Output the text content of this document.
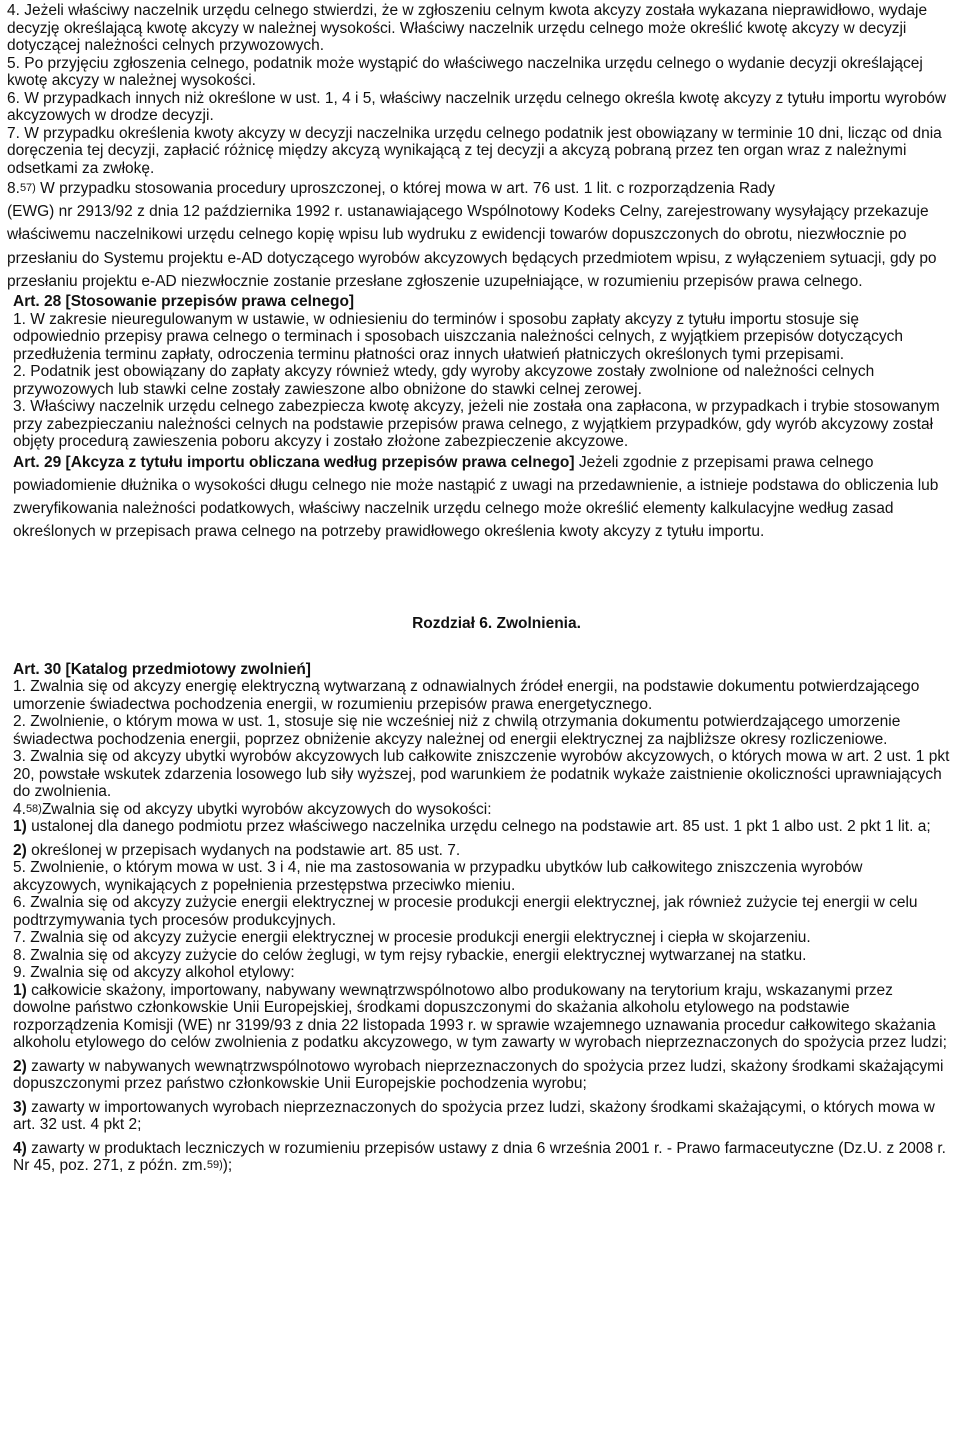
4. Jeżeli właściwy naczelnik urzędu celnego stwierdzi, że w zgłoszeniu celnym kwota akcyzy została wykazana nieprawidłowo, wydaje decyzję określającą kwotę akcyzy w należnej wysokości. Właściwy naczelnik urzędu celnego może określić kwotę akcyzy w decyzji dotyczącej należności celnych przywozowych.

5. Po przyjęciu zgłoszenia celnego, podatnik może wystąpić do właściwego naczelnika urzędu celnego o wydanie decyzji określającej kwotę akcyzy w należnej wysokości.

6. W przypadkach innych niż określone w ust. 1, 4 i 5, właściwy naczelnik urzędu celnego określa kwotę akcyzy z tytułu importu wyrobów akcyzowych w drodze decyzji.

7. W przypadku określenia kwoty akcyzy w decyzji naczelnika urzędu celnego podatnik jest obowiązany w terminie 10 dni, licząc od dnia doręczenia tej decyzji, zapłacić różnicę między akcyzą wynikającą z tej decyzji a akcyzą pobraną przez ten organ wraz z należnymi odsetkami za zwłokę.

8.$^{57)}$ W przypadku stosowania procedury uproszczonej, o której mowa w art. 76 ust. 1 lit. c rozporządzenia Rady
(EWG) nr 2913/92 z dnia 12 października 1992 r. ustanawiającego Wspólnotowy Kodeks Celny, zarejestrowany wysyłający przekazuje właściwemu naczelnikowi urzędu celnego kopię wpisu lub wydruku z ewidencji towarów dopuszczonych do obrotu, niezwłocznie po przesłaniu do Systemu projektu e-AD dotyczącego wyrobów akcyzowych będących przedmiotem wpisu, z wyłączeniem sytuacji, gdy po przesłaniu projektu e-AD niezwłocznie zostanie przesłane zgłoszenie uzupełniające, w rozumieniu przepisów prawa celnego.

Art. 28 [Stosowanie przepisów prawa celnego]

1. W zakresie nieuregulowanym w ustawie, w odniesieniu do terminów i sposobu zapłaty akcyzy z tytułu importu stosuje się odpowiednio przepisy prawa celnego o terminach i sposobach uiszczania należności celnych, z wyjątkiem przepisów dotyczących przedłużenia terminu zapłaty, odroczenia terminu płatności oraz innych ułatwień płatniczych określonych tymi przepisami.

2. Podatnik jest obowiązany do zapłaty akcyzy również wtedy, gdy wyroby akcyzowe zostały zwolnione od należności celnych przywozowych lub stawki celne zostały zawieszone albo obniżone do stawki celnej zerowej.

3. Właściwy naczelnik urzędu celnego zabezpiecza kwotę akcyzy, jeżeli nie została ona zapłacona, w przypadkach i trybie stosowanym przy zabezpieczaniu należności celnych na podstawie przepisów prawa celnego, z wyjątkiem przypadków, gdy wyrób akcyzowy został objęty procedurą zawieszenia poboru akcyzy i zostało złożone zabezpieczenie akcyzowe.

Art. 29 [Akcyza z tytułu importu obliczana według przepisów prawa celnego] Jeżeli zgodnie z przepisami prawa celnego powiadomienie dłużnika o wysokości długu celnego nie może nastąpić z uwagi na przedawnienie, a istnieje podstawa do obliczenia lub zweryfikowania należności podatkowych, właściwy naczelnik urzędu celnego może określić elementy kalkulacyjne według zasad określonych w przepisach prawa celnego na potrzeby prawidłowego określenia kwoty akcyzy z tytułu importu.

Rozdział 6. Zwolnienia.

Art. 30 [Katalog przedmiotowy zwolnień]

1. Zwalnia się od akcyzy energię elektryczną wytwarzaną z odnawialnych źródeł energii, na podstawie dokumentu potwierdzającego umorzenie świadectwa pochodzenia energii, w rozumieniu przepisów prawa energetycznego.

2. Zwolnienie, o którym mowa w ust. 1, stosuje się nie wcześniej niż z chwilą otrzymania dokumentu potwierdzającego umorzenie świadectwa pochodzenia energii, poprzez obniżenie akcyzy należnej od energii elektrycznej za najbliższe okresy rozliczeniowe.

3. Zwalnia się od akcyzy ubytki wyrobów akcyzowych lub całkowite zniszczenie wyrobów akcyzowych, o których mowa w art. 2 ust. 1 pkt 20, powstałe wskutek zdarzenia losowego lub siły wyższej, pod warunkiem że podatnik wykaże zaistnienie okoliczności uprawniających do zwolnienia.

4.$^{58)}$Zwalnia się od akcyzy ubytki wyrobów akcyzowych do wysokości:

1) ustalonej dla danego podmiotu przez właściwego naczelnika urzędu celnego na podstawie art. 85 ust. 1 pkt 1 albo ust. 2 pkt 1 lit. a;

2) określonej w przepisach wydanych na podstawie art. 85 ust. 7.

5. Zwolnienie, o którym mowa w ust. 3 i 4, nie ma zastosowania w przypadku ubytków lub całkowitego zniszczenia wyrobów akcyzowych, wynikających z popełnienia przestępstwa przeciwko mieniu.

6. Zwalnia się od akcyzy zużycie energii elektrycznej w procesie produkcji energii elektrycznej, jak również zużycie tej energii w celu podtrzymywania tych procesów produkcyjnych.

7. Zwalnia się od akcyzy zużycie energii elektrycznej w procesie produkcji energii elektrycznej i ciepła w skojarzeniu.

8. Zwalnia się od akcyzy zużycie do celów żeglugi, w tym rejsy rybackie, energii elektrycznej wytwarzanej na statku.

9. Zwalnia się od akcyzy alkohol etylowy:

1) całkowicie skażony, importowany, nabywany wewnątrzwspólnotowo albo produkowany na terytorium kraju, wskazanymi przez dowolne państwo członkowskie Unii Europejskiej, środkami dopuszczonymi do skażania alkoholu etylowego na podstawie rozporządzenia Komisji (WE) nr 3199/93 z dnia 22 listopada 1993 r. w sprawie wzajemnego uznawania procedur całkowitego skażania alkoholu etylowego do celów zwolnienia z podatku akcyzowego, w tym zawarty w wyrobach nieprzeznaczonych do spożycia przez ludzi;

2) zawarty w nabywanych wewnątrzwspólnotowo wyrobach nieprzeznaczonych do spożycia przez ludzi, skażony środkami skażającymi dopuszczonymi przez państwo członkowskie Unii Europejskie pochodzenia wyrobu;

3) zawarty w importowanych wyrobach nieprzeznaczonych do spożycia przez ludzi, skażony środkami skażającymi, o których mowa w art. 32 ust. 4 pkt 2;

4) zawarty w produktach leczniczych w rozumieniu przepisów ustawy z dnia 6 września 2001 r. - Prawo farmaceutyczne (Dz.U. z 2008 r. Nr 45, poz. 271, z późn. zm.$^{59)}$);
